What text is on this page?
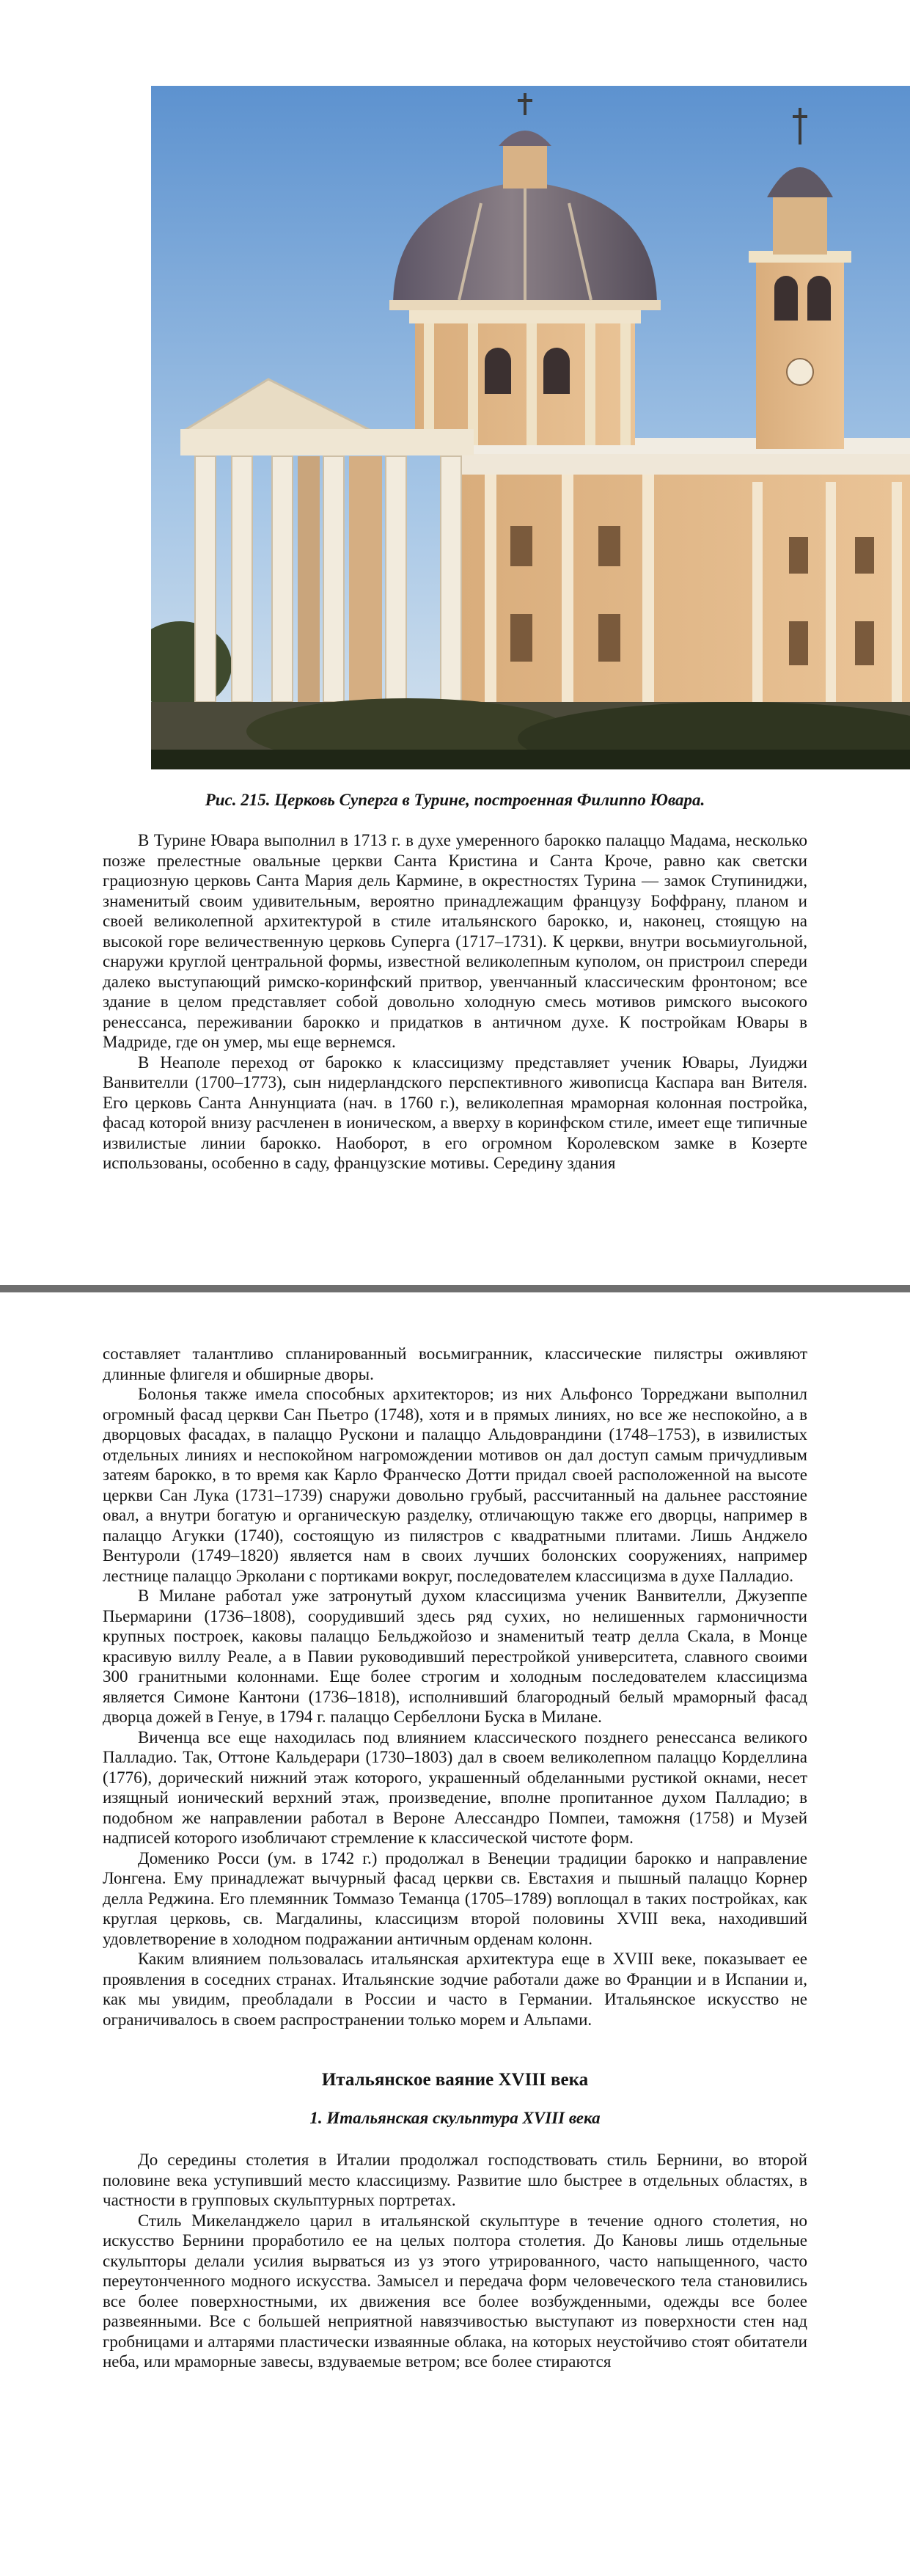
Рис. 215. Церковь Суперга в Турине, построенная Филиппо Ювара.

В Турине Ювара выполнил в 1713 г. в духе умеренного барокко палаццо Мадама, несколько позже прелестные овальные церкви Санта Кристина и Санта Кроче, равно как светски грациозную церковь Санта Мария дель Кармине, в окрестностях Турина — замок Ступиниджи, знаменитый своим удивительным, вероятно принадлежащим французу Боффрану, планом и своей великолепной архитектурой в стиле итальянского барокко, и, наконец, стоящую на высокой горе величественную церковь Суперга (1717–1731). К церкви, внутри восьмиугольной, снаружи круглой центральной формы, известной великолепным куполом, он пристроил спереди далеко выступающий римско-коринфский притвор, увенчанный классическим фронтоном; все здание в целом представляет собой довольно холодную смесь мотивов римского высокого ренессанса, переживании барокко и придатков в античном духе. К постройкам Ювары в Мадриде, где он умер, мы еще вернемся.

В Неаполе переход от барокко к классицизму представляет ученик Ювары, Луиджи Ванвителли (1700–1773), сын нидерландского перспективного живописца Каспара ван Вителя. Его церковь Санта Аннунциата (нач. в 1760 г.), великолепная мраморная колонная постройка, фасад которой внизу расчленен в ионическом, а вверху в коринфском стиле, имеет еще типичные извилистые линии барокко. Наоборот, в его огромном Королевском замке в Козерте использованы, особенно в саду, французские мотивы. Середину здания

составляет талантливо спланированный восьмигранник, классические пилястры оживляют длинные флигеля и обширные дворы.

Болонья также имела способных архитекторов; из них Альфонсо Торреджани выполнил огромный фасад церкви Сан Пьетро (1748), хотя и в прямых линиях, но все же неспокойно, а в дворцовых фасадах, в палаццо Рускони и палаццо Альдоврандини (1748–1753), в извилистых отдельных линиях и неспокойном нагромождении мотивов он дал доступ самым причудливым затеям барокко, в то время как Карло Франческо Дотти придал своей расположенной на высоте церкви Сан Лука (1731–1739) снаружи довольно грубый, рассчитанный на дальнее расстояние овал, а внутри богатую и органическую разделку, отличающую также его дворцы, например в палаццо Агукки (1740), состоящую из пилястров с квадратными плитами. Лишь Анджело Вентуроли (1749–1820) является нам в своих лучших болонских сооружениях, например лестнице палаццо Эрколани с портиками вокруг, последователем классицизма в духе Палладио.

В Милане работал уже затронутый духом классицизма ученик Ванвителли, Джузеппе Пьермарини (1736–1808), соорудивший здесь ряд сухих, но нелишенных гармоничности крупных построек, каковы палаццо Бельджойозо и знаменитый театр делла Скала, в Монце красивую виллу Реале, а в Павии руководивший перестройкой университета, славного своими 300 гранитными колоннами. Еще более строгим и холодным последователем классицизма является Симоне Кантони (1736–1818), исполнивший благородный белый мраморный фасад дворца дожей в Генуе, в 1794 г. палаццо Сербеллони Буска в Милане.

Виченца все еще находилась под влиянием классического позднего ренессанса великого Палладио. Так, Оттоне Кальдерари (1730–1803) дал в своем великолепном палаццо Корделлина (1776), дорический нижний этаж которого, украшенный обделанными рустикой окнами, несет изящный ионический верхний этаж, произведение, вполне пропитанное духом Палладио; в подобном же направлении работал в Вероне Алессандро Помпеи, таможня (1758) и Музей надписей которого изобличают стремление к классической чистоте форм.

Доменико Росси (ум. в 1742 г.) продолжал в Венеции традиции барокко и направление Лонгена. Ему принадлежат вычурный фасад церкви св. Евстахия и пышный палаццо Корнер делла Реджина. Его племянник Томмазо Теманца (1705–1789) воплощал в таких постройках, как круглая церковь, св. Магдалины, классицизм второй половины XVIII века, находивший удовлетворение в холодном подражании античным орденам колонн.

Каким влиянием пользовалась итальянская архитектура еще в XVIII веке, показывает ее проявления в соседних странах. Итальянские зодчие работали даже во Франции и в Испании и, как мы увидим, преобладали в России и часто в Германии. Итальянское искусство не ограничивалось в своем распространении только морем и Альпами.

Итальянское ваяние XVIII века
1. Итальянская скульптура XVIII века

До середины столетия в Италии продолжал господствовать стиль Бернини, во второй половине века уступивший место классицизму. Развитие шло быстрее в отдельных областях, в частности в групповых скульптурных портретах.

Стиль Микеланджело царил в итальянской скульптуре в течение одного столетия, но искусство Бернини проработило ее на целых полтора столетия. До Кановы лишь отдельные скульпторы делали усилия вырваться из уз этого утрированного, часто напыщенного, часто переутонченного модного искусства. Замысел и передача форм человеческого тела становились все более поверхностными, их движения все более возбужденными, одежды все более развеянными. Все с большей неприятной навязчивостью выступают из поверхности стен над гробницами и алтарями пластически изваянные облака, на которых неустойчиво стоят обитатели неба, или мраморные завесы, вздуваемые ветром; все более стираются
